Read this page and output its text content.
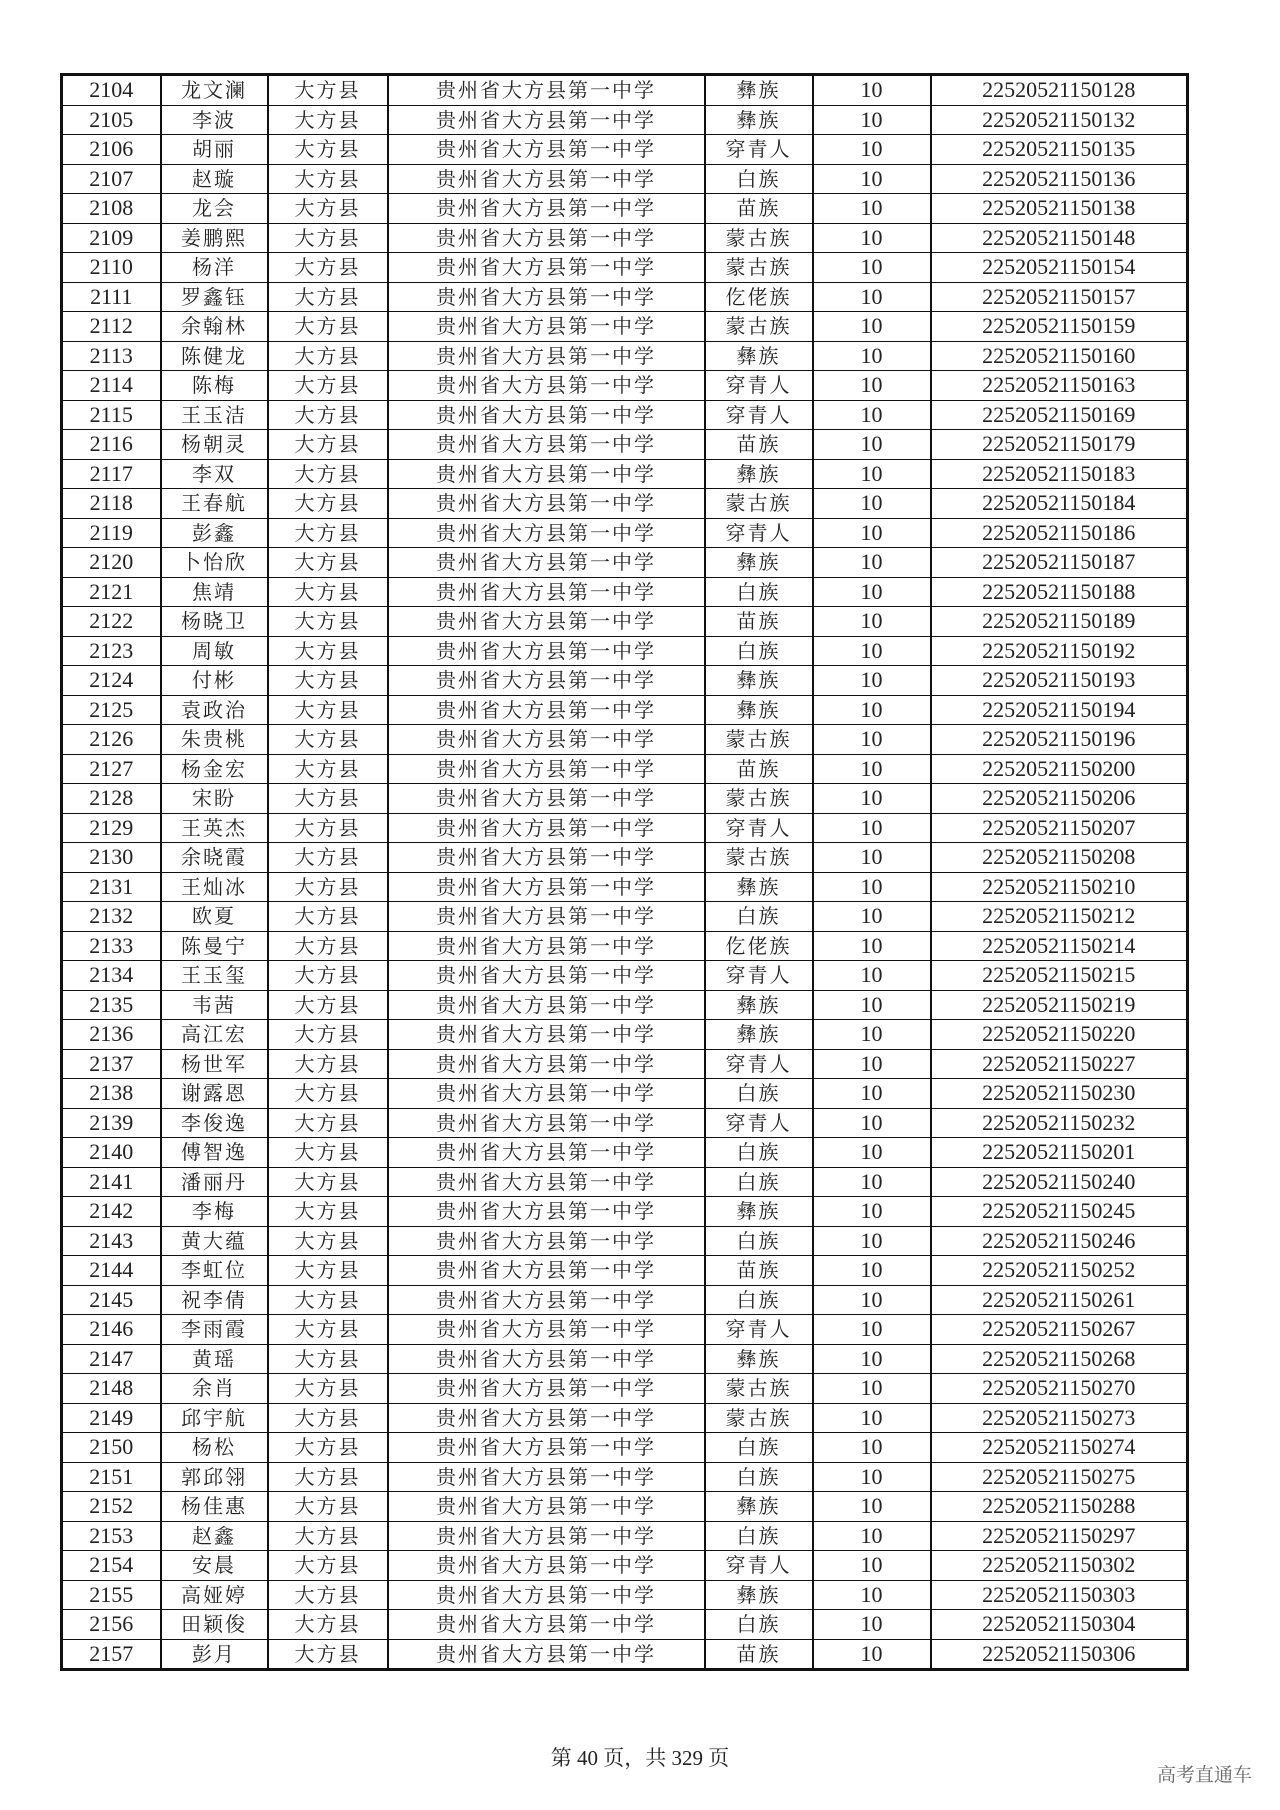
2104	龙文澜	大方县	贵州省大方县第一中学	彝族	10	22520521150128
2105	李波	大方县	贵州省大方县第一中学	彝族	10	22520521150132
2106	胡丽	大方县	贵州省大方县第一中学	穿青人	10	22520521150135
2107	赵璇	大方县	贵州省大方县第一中学	白族	10	22520521150136
2108	龙会	大方县	贵州省大方县第一中学	苗族	10	22520521150138
2109	姜鹏熙	大方县	贵州省大方县第一中学	蒙古族	10	22520521150148
2110	杨洋	大方县	贵州省大方县第一中学	蒙古族	10	22520521150154
2111	罗鑫钰	大方县	贵州省大方县第一中学	仡佬族	10	22520521150157
2112	余翰林	大方县	贵州省大方县第一中学	蒙古族	10	22520521150159
2113	陈健龙	大方县	贵州省大方县第一中学	彝族	10	22520521150160
2114	陈梅	大方县	贵州省大方县第一中学	穿青人	10	22520521150163
2115	王玉洁	大方县	贵州省大方县第一中学	穿青人	10	22520521150169
2116	杨朝灵	大方县	贵州省大方县第一中学	苗族	10	22520521150179
2117	李双	大方县	贵州省大方县第一中学	彝族	10	22520521150183
2118	王春航	大方县	贵州省大方县第一中学	蒙古族	10	22520521150184
2119	彭鑫	大方县	贵州省大方县第一中学	穿青人	10	22520521150186
2120	卜怡欣	大方县	贵州省大方县第一中学	彝族	10	22520521150187
2121	焦靖	大方县	贵州省大方县第一中学	白族	10	22520521150188
2122	杨晓卫	大方县	贵州省大方县第一中学	苗族	10	22520521150189
2123	周敏	大方县	贵州省大方县第一中学	白族	10	22520521150192
2124	付彬	大方县	贵州省大方县第一中学	彝族	10	22520521150193
2125	袁政治	大方县	贵州省大方县第一中学	彝族	10	22520521150194
2126	朱贵桃	大方县	贵州省大方县第一中学	蒙古族	10	22520521150196
2127	杨金宏	大方县	贵州省大方县第一中学	苗族	10	22520521150200
2128	宋盼	大方县	贵州省大方县第一中学	蒙古族	10	22520521150206
2129	王英杰	大方县	贵州省大方县第一中学	穿青人	10	22520521150207
2130	余晓霞	大方县	贵州省大方县第一中学	蒙古族	10	22520521150208
2131	王灿冰	大方县	贵州省大方县第一中学	彝族	10	22520521150210
2132	欧夏	大方县	贵州省大方县第一中学	白族	10	22520521150212
2133	陈曼宁	大方县	贵州省大方县第一中学	仡佬族	10	22520521150214
2134	王玉玺	大方县	贵州省大方县第一中学	穿青人	10	22520521150215
2135	韦茜	大方县	贵州省大方县第一中学	彝族	10	22520521150219
2136	高江宏	大方县	贵州省大方县第一中学	彝族	10	22520521150220
2137	杨世军	大方县	贵州省大方县第一中学	穿青人	10	22520521150227
2138	谢露恩	大方县	贵州省大方县第一中学	白族	10	22520521150230
2139	李俊逸	大方县	贵州省大方县第一中学	穿青人	10	22520521150232
2140	傅智逸	大方县	贵州省大方县第一中学	白族	10	22520521150201
2141	潘丽丹	大方县	贵州省大方县第一中学	白族	10	22520521150240
2142	李梅	大方县	贵州省大方县第一中学	彝族	10	22520521150245
2143	黄大蕴	大方县	贵州省大方县第一中学	白族	10	22520521150246
2144	李虹位	大方县	贵州省大方县第一中学	苗族	10	22520521150252
2145	祝李倩	大方县	贵州省大方县第一中学	白族	10	22520521150261
2146	李雨霞	大方县	贵州省大方县第一中学	穿青人	10	22520521150267
2147	黄瑶	大方县	贵州省大方县第一中学	彝族	10	22520521150268
2148	余肖	大方县	贵州省大方县第一中学	蒙古族	10	22520521150270
2149	邱宇航	大方县	贵州省大方县第一中学	蒙古族	10	22520521150273
2150	杨松	大方县	贵州省大方县第一中学	白族	10	22520521150274
2151	郭邱翎	大方县	贵州省大方县第一中学	白族	10	22520521150275
2152	杨佳惠	大方县	贵州省大方县第一中学	彝族	10	22520521150288
2153	赵鑫	大方县	贵州省大方县第一中学	白族	10	22520521150297
2154	安晨	大方县	贵州省大方县第一中学	穿青人	10	22520521150302
2155	高娅婷	大方县	贵州省大方县第一中学	彝族	10	22520521150303
2156	田颖俊	大方县	贵州省大方县第一中学	白族	10	22520521150304
2157	彭月	大方县	贵州省大方县第一中学	苗族	10	22520521150306
第 40 页，共 329 页
高考直通车
